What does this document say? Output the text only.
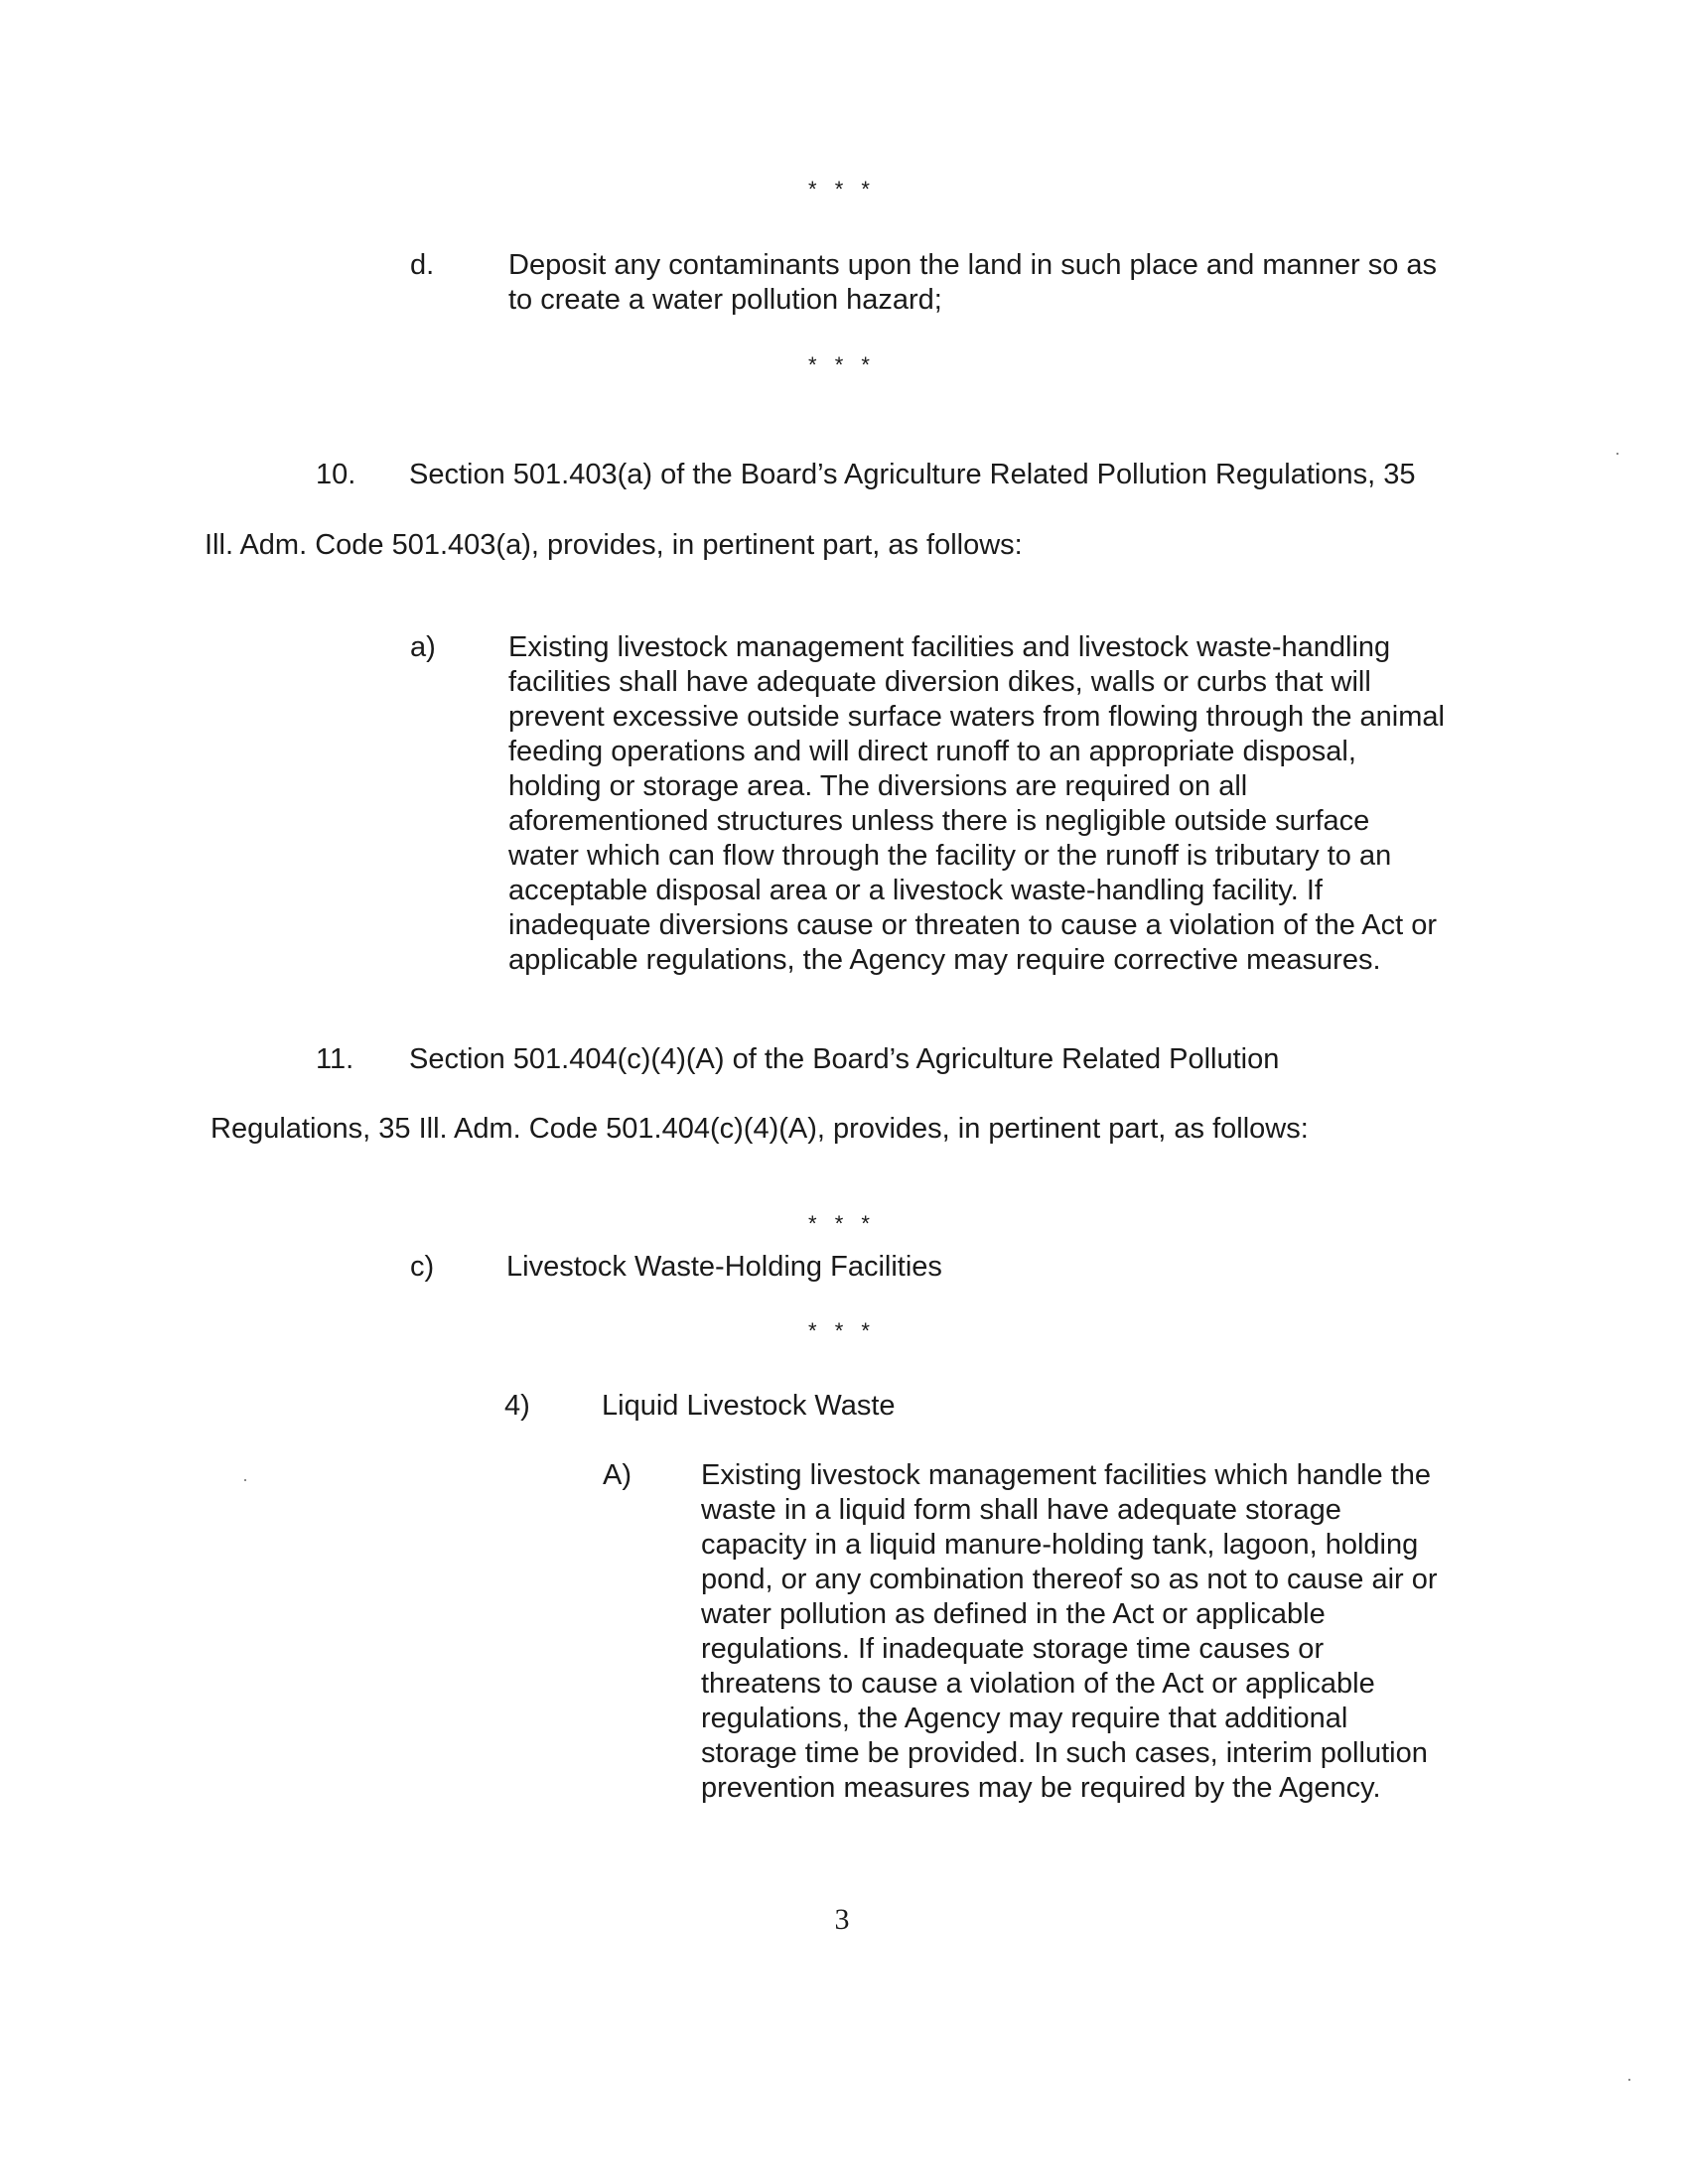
* * *
d.	Deposit any contaminants upon the land in such place and manner so as
to create a water pollution hazard;

* * *
10. Section 501.403(a) of the Board’s Agriculture Related Pollution Regulations, 35
Ill. Adm. Code 501.403(a), provides, in pertinent part, as follows:
a)	Existing livestock management facilities and livestock waste-handling
facilities shall have adequate diversion dikes, walls or curbs that will
prevent excessive outside surface waters from flowing through the animal
feeding operations and will direct runoff to an appropriate disposal,
holding or storage area. The diversions are required on all
aforementioned structures unless there is negligible outside surface
water which can flow through the facility or the runoff is tributary to an
acceptable disposal area or a livestock waste-handling facility. If
inadequate diversions cause or threaten to cause a violation of the Act or
applicable regulations, the Agency may require corrective measures.

11. Section 501.404(c)(4)(A) of the Board’s Agriculture Related Pollution
Regulations, 35 Ill. Adm. Code 501.404(c)(4)(A), provides, in pertinent part, as follows:
* * *
c)	Livestock Waste-Holding Facilities
* * *
4) Liquid Livestock Waste
A) Existing livestock management facilities which handle the
waste in a liquid form shall have adequate storage
capacity in a liquid manure-holding tank, lagoon, holding
pond, or any combination thereof so as not to cause air or
water pollution as defined in the Act or applicable
regulations. If inadequate storage time causes or
threatens to cause a violation of the Act or applicable
regulations, the Agency may require that additional
storage time be provided. In such cases, interim pollution
prevention measures may be required by the Agency.

3
